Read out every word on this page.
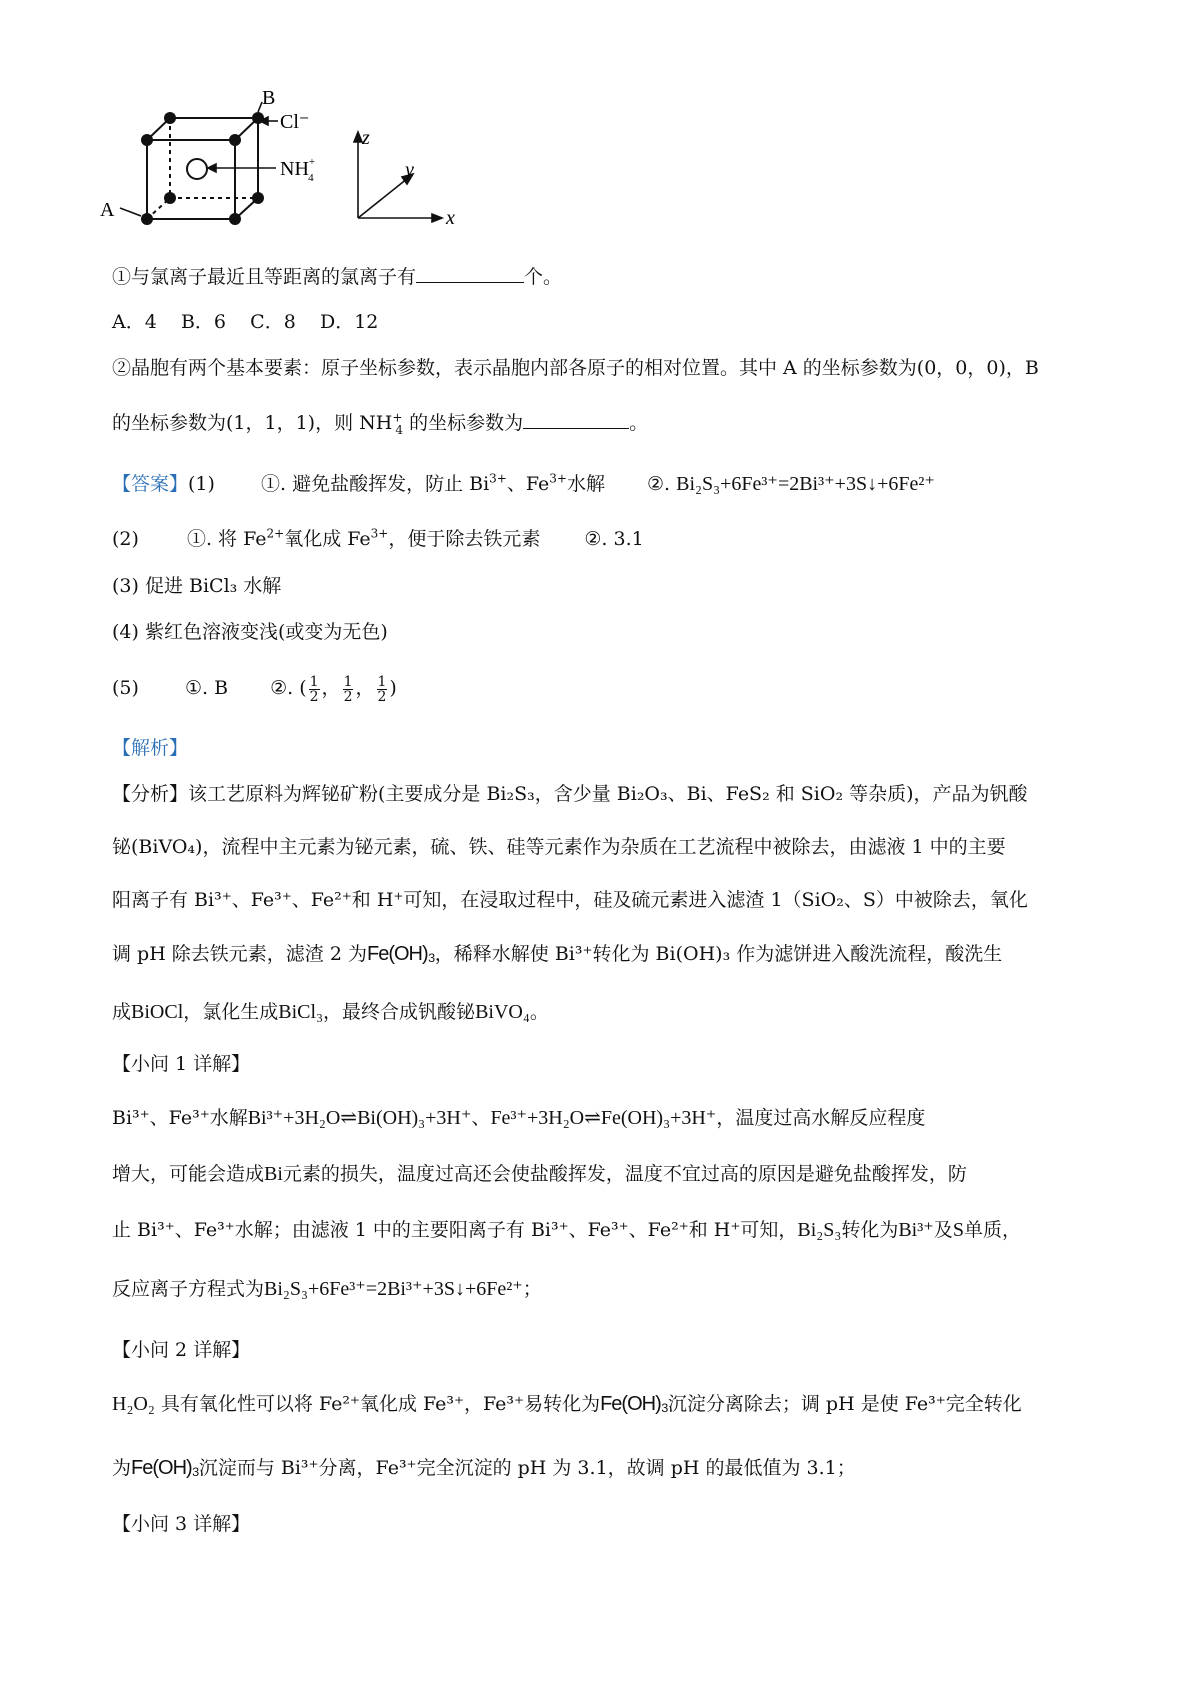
B
Cl⁻
NH+ 4
A
z
y
x
①与氯离子最近且等距离的氯离子有	个。
A．4    B．6    C．8    D．12
②晶胞有两个基本要素：原子坐标参数，表示晶胞内部各原子的相对位置。其中 A 的坐标参数为(0，0，0)，B
的坐标参数为(1，1，1)，则 $NH^+_4$ 的坐标参数为	。
【答案】(1) ①. 避免盐酸挥发，防止 $Bi^{3+}$、$Fe^{3+}$水解 ②. Bi₂S₃+6Fe³⁺=2Bi³⁺+3S↓+6Fe²⁺
(2)	①. 将 $Fe^{2+}$氧化成 $Fe^{3+}$，便于除去铁元素 ②. 3.1
(3) 促进 BiCl₃ 水解
(4) 紫红色溶液变浅(或变为无色)
(5) ①. B ②. ( $\frac{1}{2}$ ， $\frac{1}{2}$ ， $\frac{1}{2}$ )
【解析】
【分析】该工艺原料为辉铋矿粉(主要成分是 Bi₂S₃，含少量 Bi₂O₃、Bi、FeS₂ 和 SiO₂ 等杂质)，产品为钒酸
铋(BiVO₄)，流程中主元素为铋元素，硫、铁、硅等元素作为杂质在工艺流程中被除去，由滤液 1 中的主要
阳离子有 Bi³⁺、Fe³⁺、Fe²⁺和 H⁺可知，在浸取过程中，硅及硫元素进入滤渣 1（SiO₂、S）中被除去，氧化
调 pH 除去铁元素，滤渣 2 为Fe(OH)₃，稀释水解使 Bi³⁺转化为 Bi(OH)₃ 作为滤饼进入酸洗流程，酸洗生
成BiOCl，氯化生成BiCl₃，最终合成钒酸铋BiVO₄。
【小问 1 详解】
Bi³⁺、Fe³⁺水解Bi³⁺+3H₂O⇌Bi(OH)₃+3H⁺、Fe³⁺+3H₂O⇌Fe(OH)₃+3H⁺，温度过高水解反应程度
增大，可能会造成Bi元素的损失，温度过高还会使盐酸挥发，温度不宜过高的原因是避免盐酸挥发，防
止 Bi³⁺、Fe³⁺水解；由滤液 1 中的主要阳离子有 Bi³⁺、Fe³⁺、Fe²⁺和 H⁺可知，Bi₂S₃转化为Bi³⁺及S单质，
反应离子方程式为Bi₂S₃+6Fe³⁺=2Bi³⁺+3S↓+6Fe²⁺；
【小问 2 详解】
H₂O₂ 具有氧化性可以将 Fe²⁺氧化成 Fe³⁺，Fe³⁺易转化为Fe(OH)₃沉淀分离除去；调 pH 是使 Fe³⁺完全转化
为Fe(OH)₃沉淀而与 Bi³⁺分离，Fe³⁺完全沉淀的 pH 为 3.1，故调 pH 的最低值为 3.1；
【小问 3 详解】
